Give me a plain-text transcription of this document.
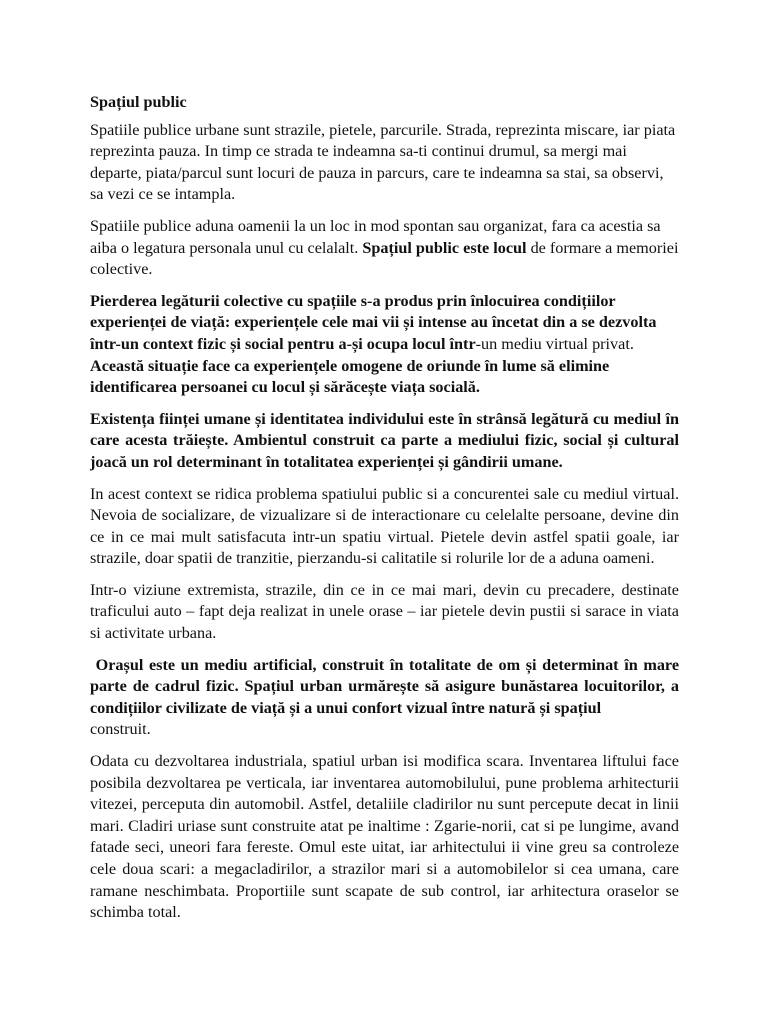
Spațiul public

Spatiile publice urbane sunt strazile, pietele, parcurile. Strada, reprezinta miscare, iar piata reprezinta pauza. In timp ce strada te indeamna sa-ti continui drumul, sa mergi mai departe, piata/parcul sunt locuri de pauza in parcurs, care te indeamna sa stai, sa observi, sa vezi ce se intampla.

Spatiile publice aduna oamenii la un loc in mod spontan sau organizat, fara ca acestia sa aiba o legatura personala unul cu celalalt. Spațiul public este locul de formare a memoriei colective.

Pierderea legăturii colective cu spațiile s-a produs prin înlocuirea condițiilor experienței de viață: experiențele cele mai vii și intense au încetat din a se dezvolta într-un context fizic și social pentru a-și ocupa locul într-un mediu virtual privat. Această situație face ca experiențele omogene de oriunde în lume să elimine identificarea persoanei cu locul și sărăcește viața socială.

Existența ființei umane și identitatea individului este în strânsă legătură cu mediul în care acesta trăiește. Ambientul construit ca parte a mediului fizic, social și cultural joacă un rol determinant în totalitatea experienței și gândirii umane.

In acest context se ridica problema spatiului public si a concurentei sale cu mediul virtual. Nevoia de socializare, de vizualizare si de interactionare cu celelalte persoane, devine din ce in ce mai mult satisfacuta intr-un spatiu virtual. Pietele devin astfel spatii goale, iar strazile, doar spatii de tranzitie, pierzandu-si calitatile si rolurile lor de a aduna oameni.

Intr-o viziune extremista, strazile, din ce in ce mai mari, devin cu precadere, destinate traficului auto – fapt deja realizat in unele orase – iar pietele devin pustii si sarace in viata si activitate urbana.

Orașul este un mediu artificial, construit în totalitate de om și determinat în mare parte de cadrul fizic. Spațiul urban urmărește să asigure bunăstarea locuitorilor, a condițiilor civilizate de viață și a unui confort vizual între natură și spațiul
construit.

Odata cu dezvoltarea industriala, spatiul urban isi modifica scara. Inventarea liftului face posibila dezvoltarea pe verticala, iar inventarea automobilului, pune problema arhitecturii vitezei, perceputa din automobil. Astfel, detaliile cladirilor nu sunt percepute decat in linii mari. Cladiri uriase sunt construite atat pe inaltime : Zgarie-norii, cat si pe lungime, avand fatade seci, uneori fara fereste. Omul este uitat, iar arhitectului ii vine greu sa controleze cele doua scari: a megacladirilor, a strazilor mari si a automobilelor si cea umana, care ramane neschimbata. Proportiile sunt scapate de sub control, iar arhitectura oraselor se schimba total.
